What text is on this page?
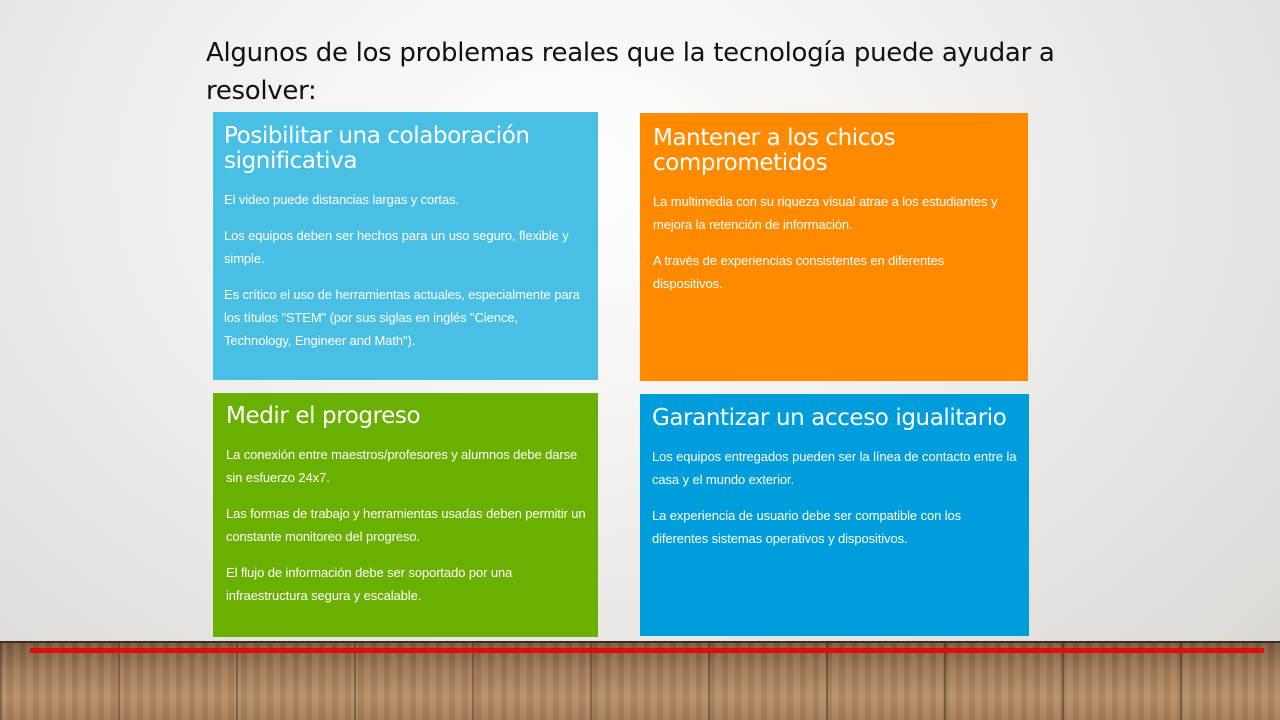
Algunos de los problemas reales que la tecnología puede ayudar a resolver:
Posibilitar una colaboración significativa

El video puede distancias largas y cortas.

Los equipos deben ser hechos para un uso seguro, flexible y simple.

Es crítico el uso de herramientas actuales, especialmente para los títulos "STEM" (por sus siglas en inglés "Cience, Technology, Engineer and Math").

Mantener a los chicos comprometidos

La multimedia con su riqueza visual atrae a los estudiantes y mejora la retención de información.

A través de experiencias consistentes en diferentes dispositivos.

Medir el progreso

La conexión entre maestros/profesores y alumnos debe darse sin esfuerzo 24x7.

Las formas de trabajo y herramientas usadas deben permitir un constante monitoreo del progreso.

El flujo de información debe ser soportado por una infraestructura segura y escalable.

Garantizar un acceso igualitario

Los equipos entregados pueden ser la línea de contacto entre la casa y el mundo exterior.

La experiencia de usuario debe ser compatible con los diferentes sistemas operativos y dispositivos.
